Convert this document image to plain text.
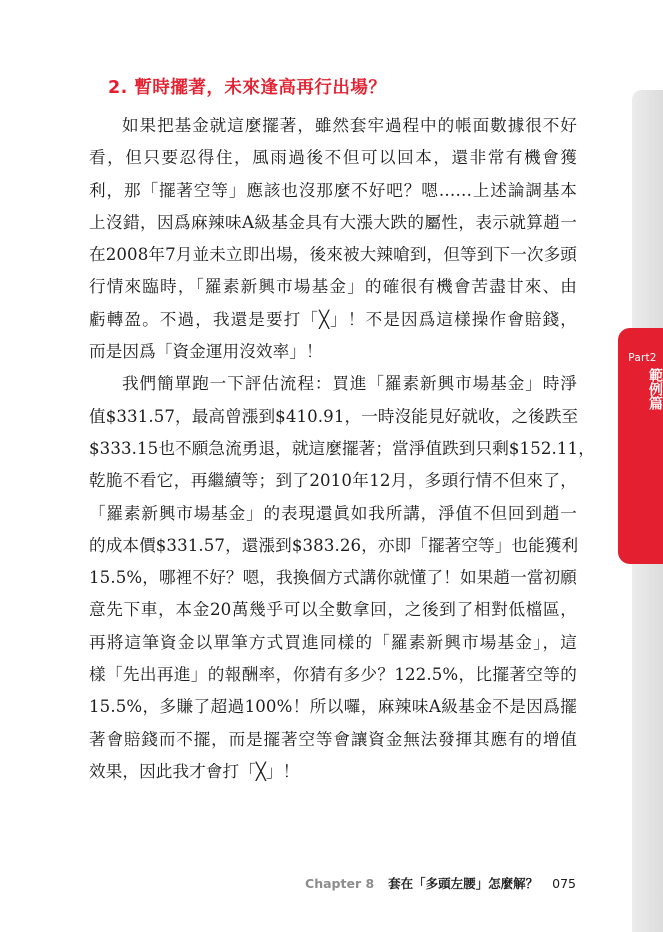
Part2
範例篇
2. 暫時擺著，未來逢高再行出場？
如果把基金就這麼擺著，雖然套牢過程中的帳面數據很不好
看，但只要忍得住，風雨過後不但可以回本，還非常有機會獲
利，那「擺著空等」應該也沒那麼不好吧？嗯……上述論調基本
上沒錯，因爲麻辣味A級基金具有大漲大跌的屬性，表示就算趙一
在2008年7月並未立即出場，後來被大辣嗆到，但等到下一次多頭
行情來臨時，「羅素新興市場基金」的確很有機會苦盡甘來、由
虧轉盈。不過，我還是要打「╳」！不是因爲這樣操作會賠錢，
而是因爲「資金運用沒效率」！
我們簡單跑一下評估流程：買進「羅素新興市場基金」時淨
值$331.57，最高曾漲到$410.91，一時沒能見好就收，之後跌至
$333.15也不願急流勇退，就這麼擺著；當淨值跌到只剩$152.11，
乾脆不看它，再繼續等；到了2010年12月，多頭行情不但來了，
「羅素新興市場基金」的表現還眞如我所講，淨值不但回到趙一
的成本價$331.57，還漲到$383.26，亦即「擺著空等」也能獲利
15.5%，哪裡不好？嗯，我換個方式講你就懂了！如果趙一當初願
意先下車，本金20萬幾乎可以全數拿回，之後到了相對低檔區，
再將這筆資金以單筆方式買進同樣的「羅素新興市場基金」，這
樣「先出再進」的報酬率，你猜有多少？122.5%，比擺著空等的
15.5%，多賺了超過100%！所以囉，麻辣味A級基金不是因爲擺
著會賠錢而不擺，而是擺著空等會讓資金無法發揮其應有的增值
效果，因此我才會打「╳」！
Chapter 8 套在「多頭左腰」怎麼解？ 075
